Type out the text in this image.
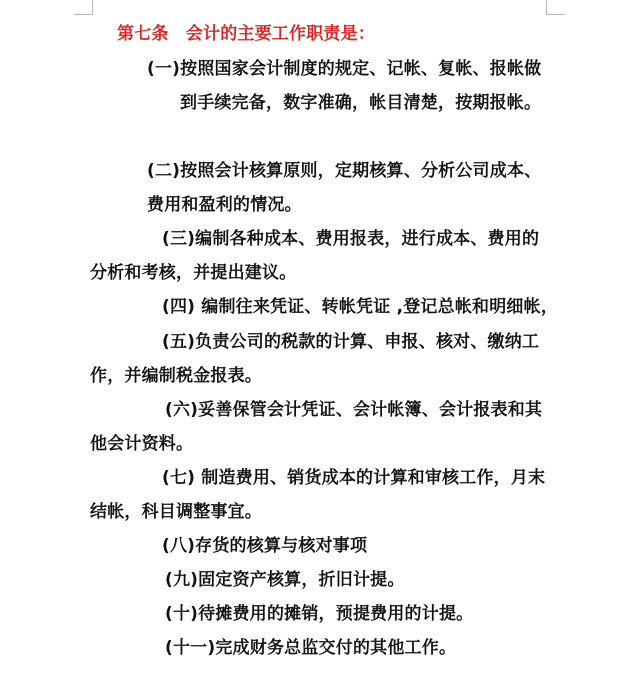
第七条　会计的主要工作职责是：
(一)按照国家会计制度的规定、记帐、复帐、报帐做
到手续完备，数字准确，帐目清楚，按期报帐。
(二)按照会计核算原则，定期核算、分析公司成本、
费用和盈利的情况。
(三)编制各种成本、费用报表，进行成本、费用的
分析和考核，并提出建议。
(四) 编制往来凭证、转帐凭证 ,登记总帐和明细帐，
(五)负责公司的税款的计算、申报、核对、缴纳工
作，并编制税金报表。
(六)妥善保管会计凭证、会计帐簿、会计报表和其
他会计资料。
(七) 制造费用、销货成本的计算和审核工作，月末
结帐，科目调整事宜。
(八)存货的核算与核对事项
(九)固定资产核算，折旧计提。
(十)待摊费用的摊销，预提费用的计提。
(十一)完成财务总监交付的其他工作。
